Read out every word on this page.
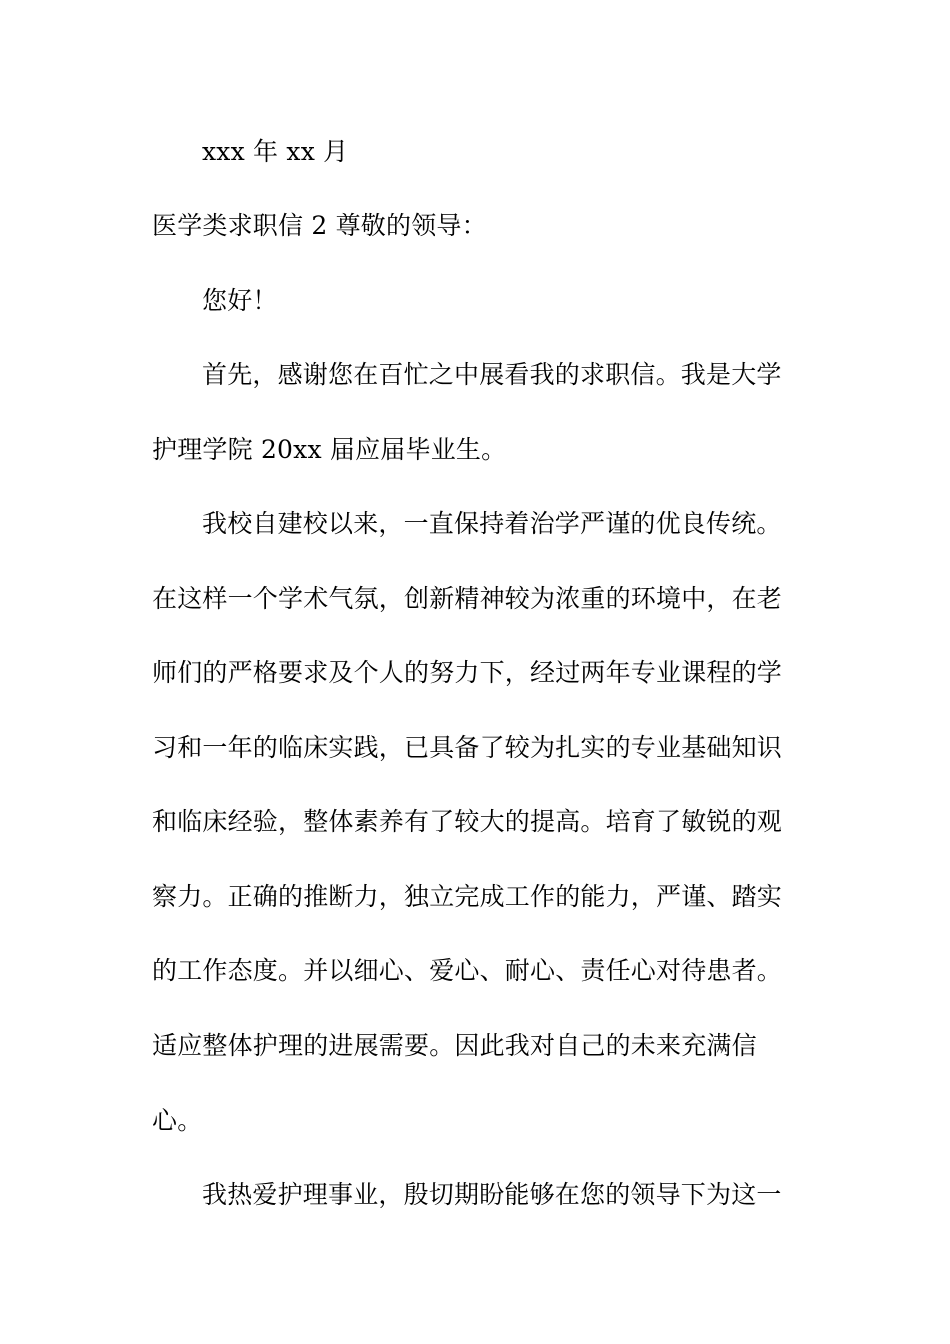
xxx 年 xx 月
医学类求职信 2 尊敬的领导：
您好！
首先，感谢您在百忙之中展看我的求职信。我是大学
护理学院 20xx 届应届毕业生。
我校自建校以来，一直保持着治学严谨的优良传统。
在这样一个学术气氛，创新精神较为浓重的环境中，在老
师们的严格要求及个人的努力下，经过两年专业课程的学
习和一年的临床实践，已具备了较为扎实的专业基础知识
和临床经验，整体素养有了较大的提高。培育了敏锐的观
察力。正确的推断力，独立完成工作的能力，严谨、踏实
的工作态度。并以细心、爱心、耐心、责任心对待患者。
适应整体护理的进展需要。因此我对自己的未来充满信
心。
我热爱护理事业，殷切期盼能够在您的领导下为这一
